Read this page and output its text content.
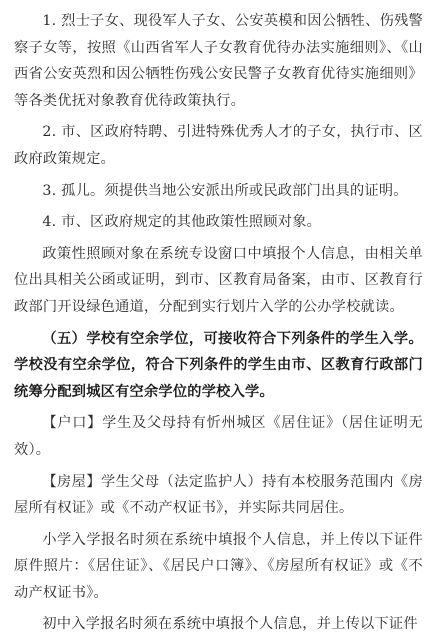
1. 烈士子女、现役军人子女、公安英模和因公牺牲、伤残警察子女等，按照《山西省军人子女教育优待办法实施细则》、《山西省公安英烈和因公牺牲伤残公安民警子女教育优待实施细则》等各类优抚对象教育优待政策执行。

2. 市、区政府特聘、引进特殊优秀人才的子女，执行市、区政府政策规定。

3. 孤儿。须提供当地公安派出所或民政部门出具的证明。

4. 市、区政府规定的其他政策性照顾对象。

政策性照顾对象在系统专设窗口中填报个人信息，由相关单位出具相关公函或证明，到市、区教育局备案，由市、区教育行政部门开设绿色通道，分配到实行划片入学的公办学校就读。

（五）学校有空余学位，可接收符合下列条件的学生入学。学校没有空余学位，符合下列条件的学生由市、区教育行政部门统筹分配到城区有空余学位的学校入学。

【户口】学生及父母持有忻州城区《居住证》（居住证明无效）。

【房屋】学生父母（法定监护人）持有本校服务范围内《房屋所有权证》或《不动产权证书》，并实际共同居住。

小学入学报名时须在系统中填报个人信息，并上传以下证件原件照片：《居住证》、《居民户口簿》、《房屋所有权证》或《不动产权证书》。

初中入学报名时须在系统中填报个人信息，并上传以下证件
